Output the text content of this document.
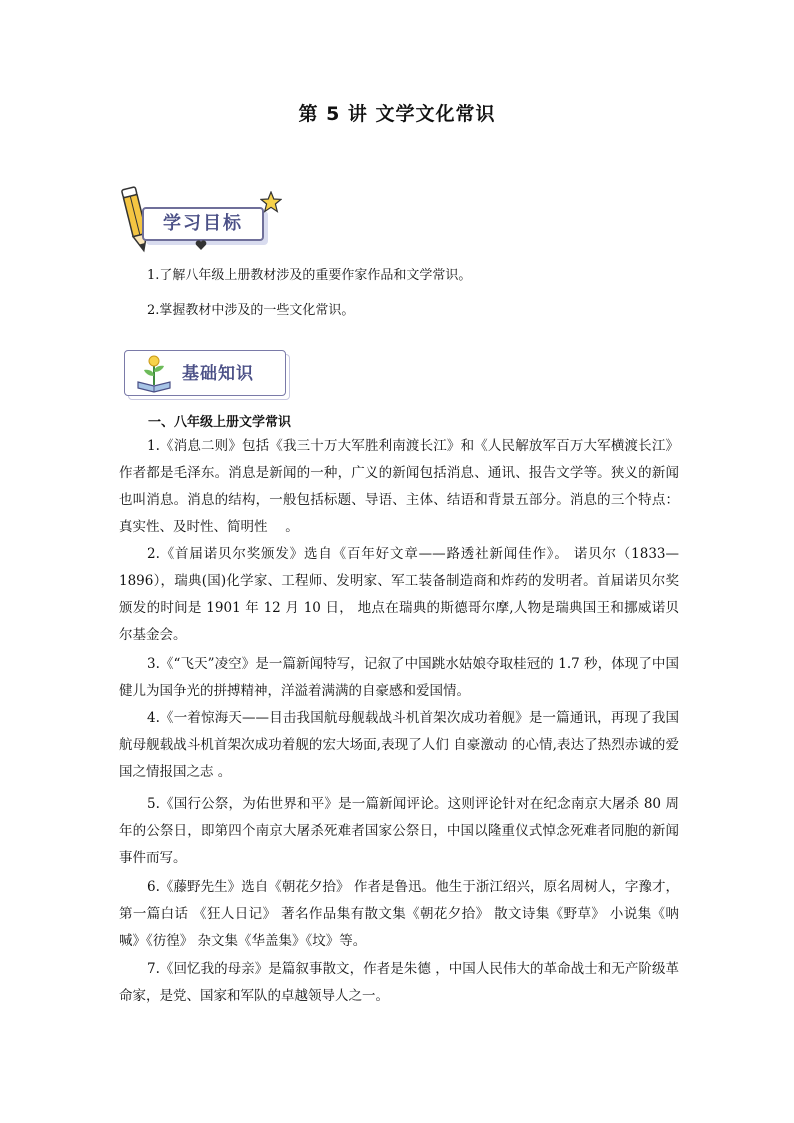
第 5 讲 文学文化常识
学习目标
1.了解八年级上册教材涉及的重要作家作品和文学常识。
2.掌握教材中涉及的一些文化常识。
基础知识
一、八年级上册文学常识

1.《消息二则》包括《我三十万大军胜利南渡长江》和《人民解放军百万大军横渡长江》作者都是毛泽东。消息是新闻的一种，广义的新闻包括消息、通讯、报告文学等。狭义的新闻也叫消息。消息的结构，一般包括标题、导语、主体、结语和背景五部分。消息的三个特点：真实性、及时性、简明性　 。

2.《首届诺贝尔奖颁发》选自《百年好文章——路透社新闻佳作》。 诺贝尔（1833—1896），瑞典(国)化学家、工程师、发明家、军工装备制造商和炸药的发明者。首届诺贝尔奖颁发的时间是 1901 年 12 月 10 日， 地点在瑞典的斯德哥尔摩,人物是瑞典国王和挪威诺贝尔基金会。

3.《“飞天”凌空》是一篇新闻特写，记叙了中国跳水姑娘夺取桂冠的 1.7 秒，体现了中国健儿为国争光的拼搏精神，洋溢着满满的自豪感和爱国情。

4.《一着惊海天——目击我国航母舰载战斗机首架次成功着舰》是一篇通讯，再现了我国航母舰载战斗机首架次成功着舰的宏大场面,表现了人们 自豪激动 的心情,表达了热烈赤诚的爱国之情报国之志 。

5.《国行公祭，为佑世界和平》是一篇新闻评论。这则评论针对在纪念南京大屠杀 80 周年的公祭日，即第四个南京大屠杀死难者国家公祭日，中国以隆重仪式悼念死难者同胞的新闻事件而写。

6.《藤野先生》选自《朝花夕拾》 作者是鲁迅。他生于浙江绍兴，原名周树人，字豫才，第一篇白话 《狂人日记》 著名作品集有散文集《朝花夕拾》 散文诗集《野草》 小说集《呐喊》《彷徨》 杂文集《华盖集》《坟》等。

7.《回忆我的母亲》是篇叙事散文，作者是朱德 ，中国人民伟大的革命战士和无产阶级革命家，是党、国家和军队的卓越领导人之一。
